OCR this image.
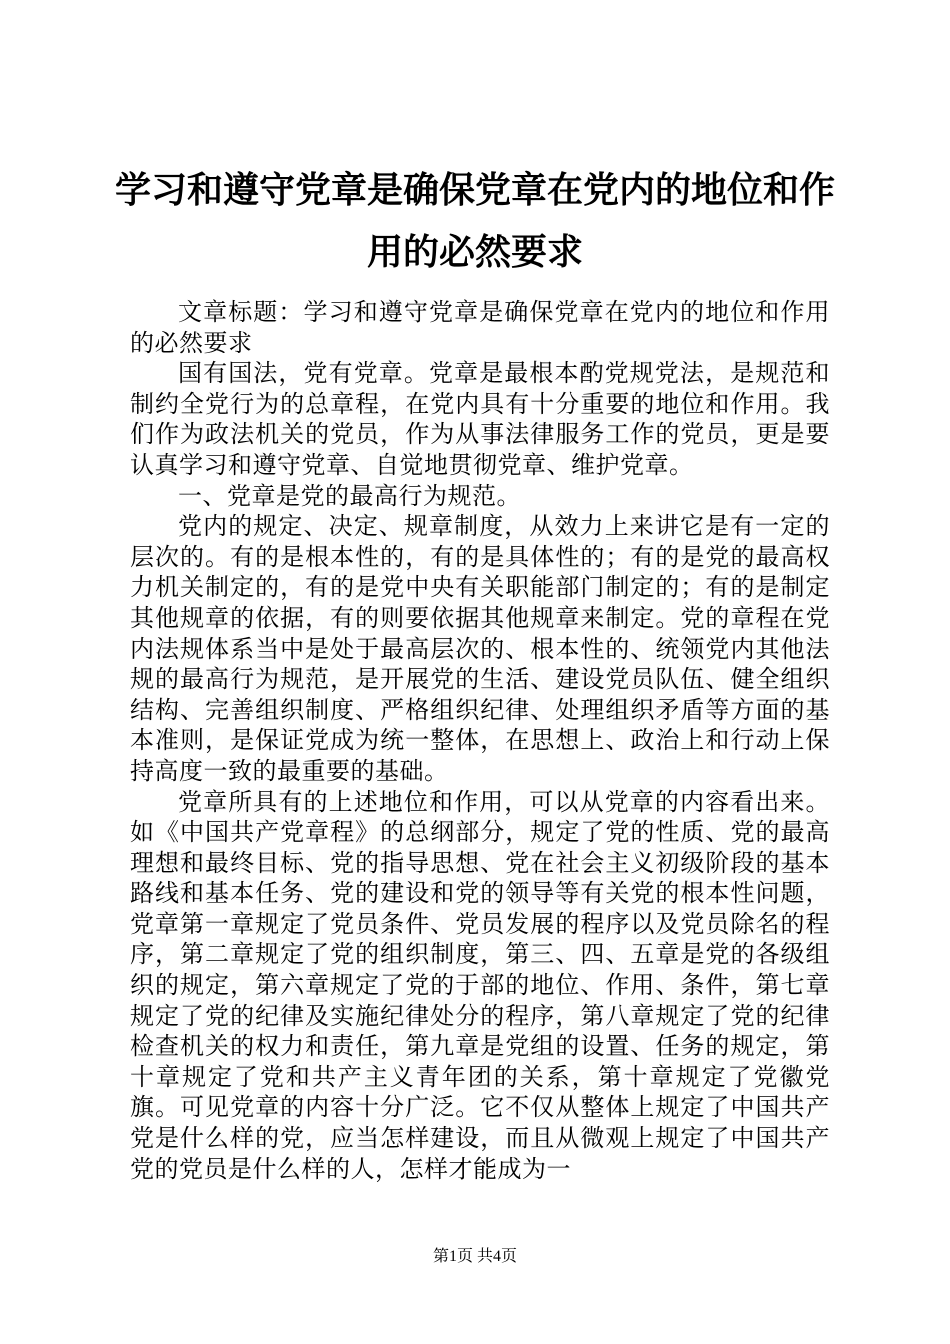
学习和遵守党章是确保党章在党内的地位和作用的必然要求

文章标题：学习和遵守党章是确保党章在党内的地位和作用的必然要求

国有国法，党有党章。党章是最根本酌党规党法，是规范和制约全党行为的总章程，在党内具有十分重要的地位和作用。我们作为政法机关的党员，作为从事法律服务工作的党员，更是要认真学习和遵守党章、自觉地贯彻党章、维护党章。

一、党章是党的最高行为规范。

党内的规定、决定、规章制度，从效力上来讲它是有一定的层次的。有的是根本性的，有的是具体性的；有的是党的最高权力机关制定的，有的是党中央有关职能部门制定的；有的是制定其他规章的依据，有的则要依据其他规章来制定。党的章程在党内法规体系当中是处于最高层次的、根本性的、统领党内其他法规的最高行为规范，是开展党的生活、建设党员队伍、健全组织结构、完善组织制度、严格组织纪律、处理组织矛盾等方面的基本准则，是保证党成为统一整体，在思想上、政治上和行动上保持高度一致的最重要的基础。

党章所具有的上述地位和作用，可以从党章的内容看出来。如《中国共产党章程》的总纲部分，规定了党的性质、党的最高理想和最终目标、党的指导思想、党在社会主义初级阶段的基本路线和基本任务、党的建设和党的领导等有关党的根本性问题，党章第一章规定了党员条件、党员发展的程序以及党员除名的程序，第二章规定了党的组织制度，第三、四、五章是党的各级组织的规定，第六章规定了党的于部的地位、作用、条件，第七章规定了党的纪律及实施纪律处分的程序，第八章规定了党的纪律检查机关的权力和责任，第九章是党组的设置、任务的规定，第十章规定了党和共产主义青年团的关系，第十章规定了党徽党旗。可见党章的内容十分广泛。它不仅从整体上规定了中国共产党是什么样的党，应当怎样建设，而且从微观上规定了中国共产党的党员是什么样的人，怎样才能成为一

第1页 共4页
